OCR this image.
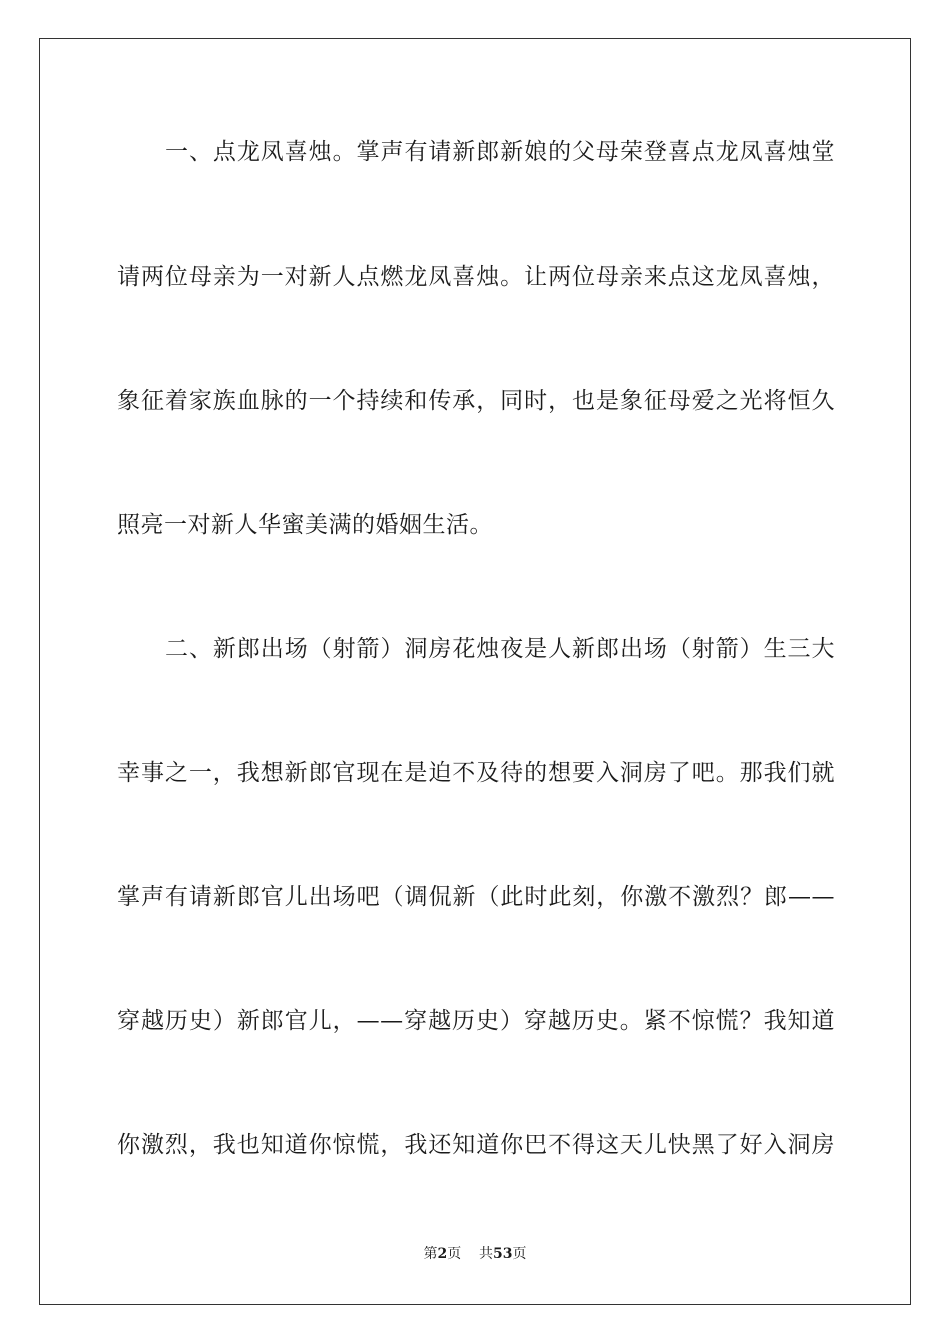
一、点龙凤喜烛。掌声有请新郎新娘的父母荣登喜点龙凤喜烛堂
请两位母亲为一对新人点燃龙凤喜烛。让两位母亲来点这龙凤喜烛，
象征着家族血脉的一个持续和传承，同时，也是象征母爱之光将恒久
照亮一对新人华蜜美满的婚姻生活。
二、新郎出场（射箭）洞房花烛夜是人新郎出场（射箭）生三大
幸事之一，我想新郎官现在是迫不及待的想要入洞房了吧。那我们就
掌声有请新郎官儿出场吧（调侃新（此时此刻，你激不激烈？郎——
穿越历史）新郎官儿，——穿越历史）穿越历史。紧不惊慌？我知道
你激烈，我也知道你惊慌，我还知道你巴不得这天儿快黑了好入洞房
第2页 共53页
